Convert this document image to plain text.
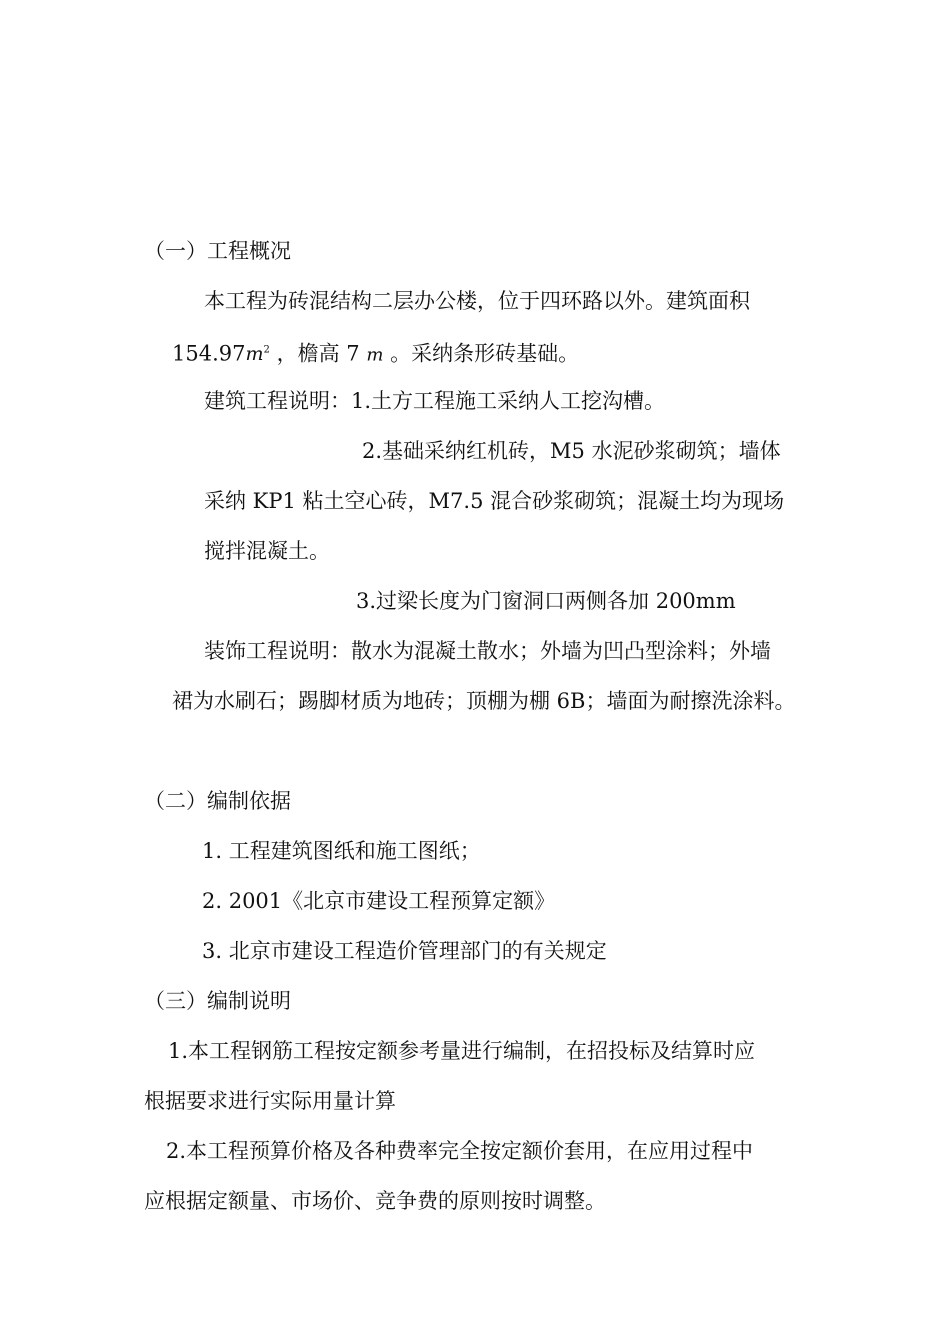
（一）工程概况
本工程为砖混结构二层办公楼，位于四环路以外。建筑面积
$154.97m^2$ ，檐高 7 m 。采纳条形砖基础。
建筑工程说明：1.土方工程施工采纳人工挖沟槽。
2.基础采纳红机砖，M5 水泥砂浆砌筑；墙体
采纳 KP1 粘土空心砖，M7.5 混合砂浆砌筑；混凝土均为现场
搅拌混凝土。
3.过梁长度为门窗洞口两侧各加 200mm
装饰工程说明：散水为混凝土散水；外墙为凹凸型涂料；外墙
裙为水刷石；踢脚材质为地砖；顶棚为棚 6B；墙面为耐擦洗涂料。
（二）编制依据
1. 工程建筑图纸和施工图纸；
2. 2001《北京市建设工程预算定额》
3. 北京市建设工程造价管理部门的有关规定
（三）编制说明
1.本工程钢筋工程按定额参考量进行编制，在招投标及结算时应
根据要求进行实际用量计算
2.本工程预算价格及各种费率完全按定额价套用，在应用过程中
应根据定额量、市场价、竞争费的原则按时调整。
